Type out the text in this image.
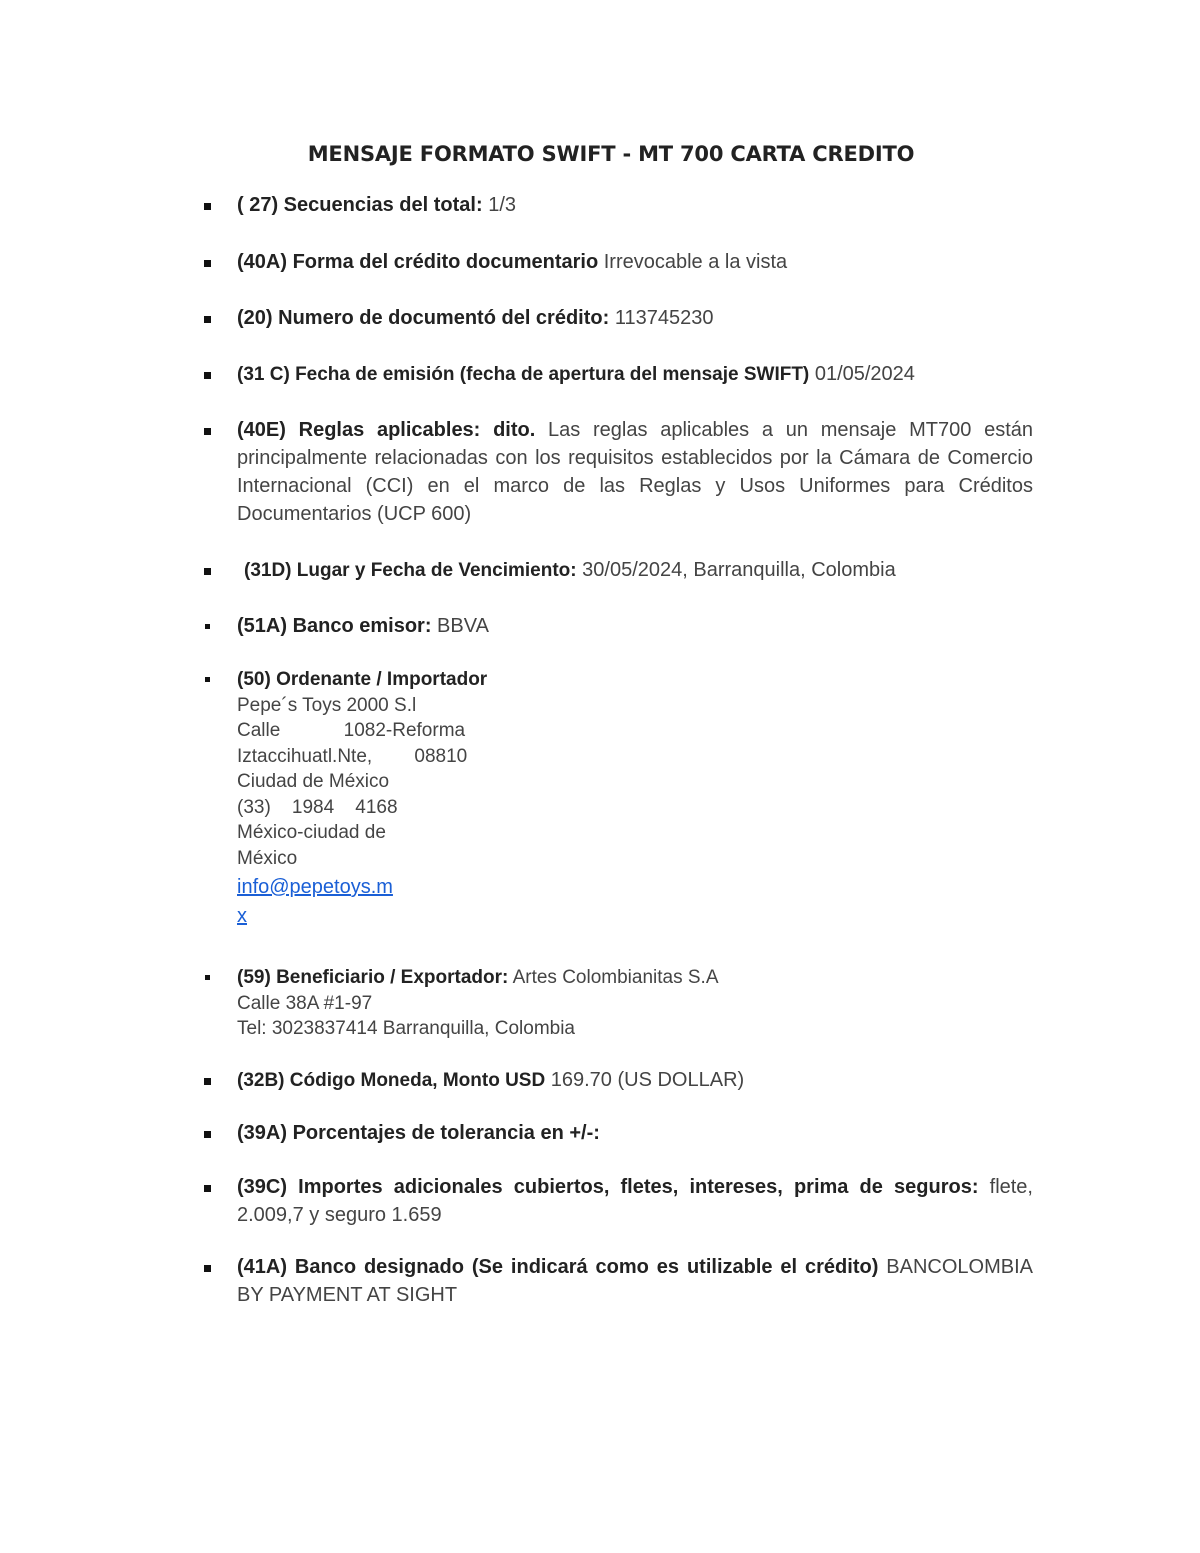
MENSAJE FORMATO SWIFT - MT 700 CARTA CREDITO
( 27) Secuencias del total: 1/3
(40A) Forma del crédito documentario Irrevocable a la vista
(20) Numero de documentó del crédito: 113745230
(31 C) Fecha de emisión (fecha de apertura del mensaje SWIFT) 01/05/2024
(40E) Reglas aplicables: dito. Las reglas aplicables a un mensaje MT700 están principalmente relacionadas con los requisitos establecidos por la Cámara de Comercio Internacional (CCI) en el marco de las Reglas y Usos Uniformes para Créditos Documentarios (UCP 600)
(31D) Lugar y Fecha de Vencimiento: 30/05/2024, Barranquilla, Colombia
(51A) Banco emisor: BBVA
(50) Ordenante / Importador
Pepe´s Toys 2000 S.l
Calle            1082-Reforma
Iztaccihuatl.Nte,        08810
Ciudad de México
(33)    1984    4168
México-ciudad de
México
info@pepetoys.m
x
(59) Beneficiario / Exportador: Artes Colombianitas S.A
Calle 38A #1-97
Tel: 3023837414 Barranquilla, Colombia
(32B) Código Moneda, Monto USD 169.70 (US DOLLAR)
(39A) Porcentajes de tolerancia en +/-:
(39C) Importes adicionales cubiertos, fletes, intereses, prima de seguros: flete, 2.009,7 y seguro 1.659
(41A) Banco designado (Se indicará como es utilizable el crédito) BANCOLOMBIA BY PAYMENT AT SIGHT
